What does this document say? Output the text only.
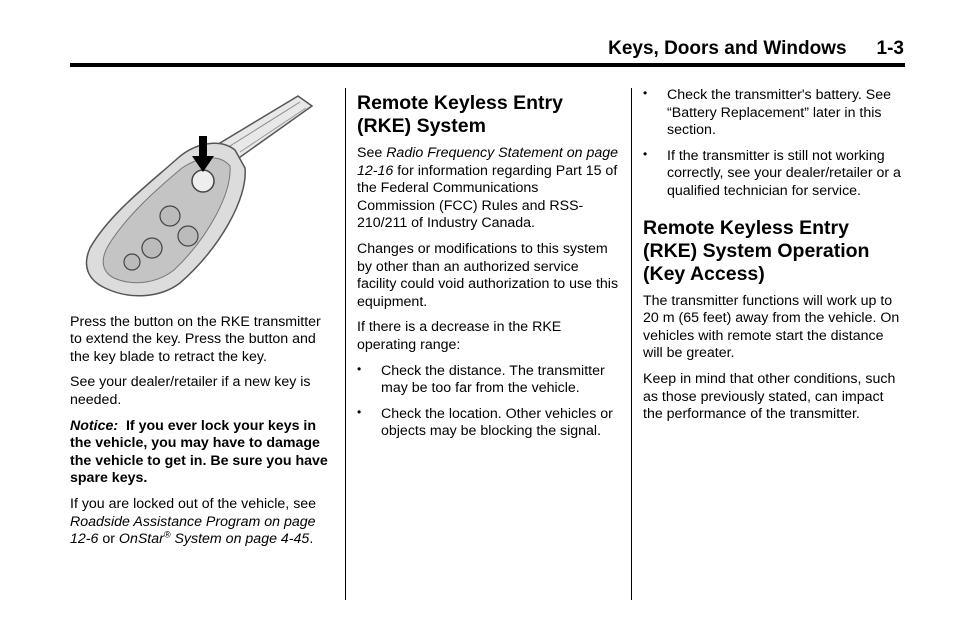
Keys, Doors and Windows 1-3

Press the button on the RKE transmitter to extend the key. Press the button and the key blade to retract the key.

See your dealer/retailer if a new key is needed.

Notice: If you ever lock your keys in the vehicle, you may have to damage the vehicle to get in. Be sure you have spare keys.

If you are locked out of the vehicle, see Roadside Assistance Program on page 12-6 or OnStar® System on page 4-45.

Remote Keyless Entry (RKE) System

See Radio Frequency Statement on page 12-16 for information regarding Part 15 of the Federal Communications Commission (FCC) Rules and RSS-210/211 of Industry Canada.

Changes or modifications to this system by other than an authorized service facility could void authorization to use this equipment.

If there is a decrease in the RKE operating range:

• Check the distance. The transmitter may be too far from the vehicle.
• Check the location. Other vehicles or objects may be blocking the signal.
• Check the transmitter's battery. See “Battery Replacement” later in this section.
• If the transmitter is still not working correctly, see your dealer/retailer or a qualified technician for service.
Remote Keyless Entry (RKE) System Operation (Key Access)

The transmitter functions will work up to 20 m (65 feet) away from the vehicle. On vehicles with remote start the distance will be greater.

Keep in mind that other conditions, such as those previously stated, can impact the performance of the transmitter.
